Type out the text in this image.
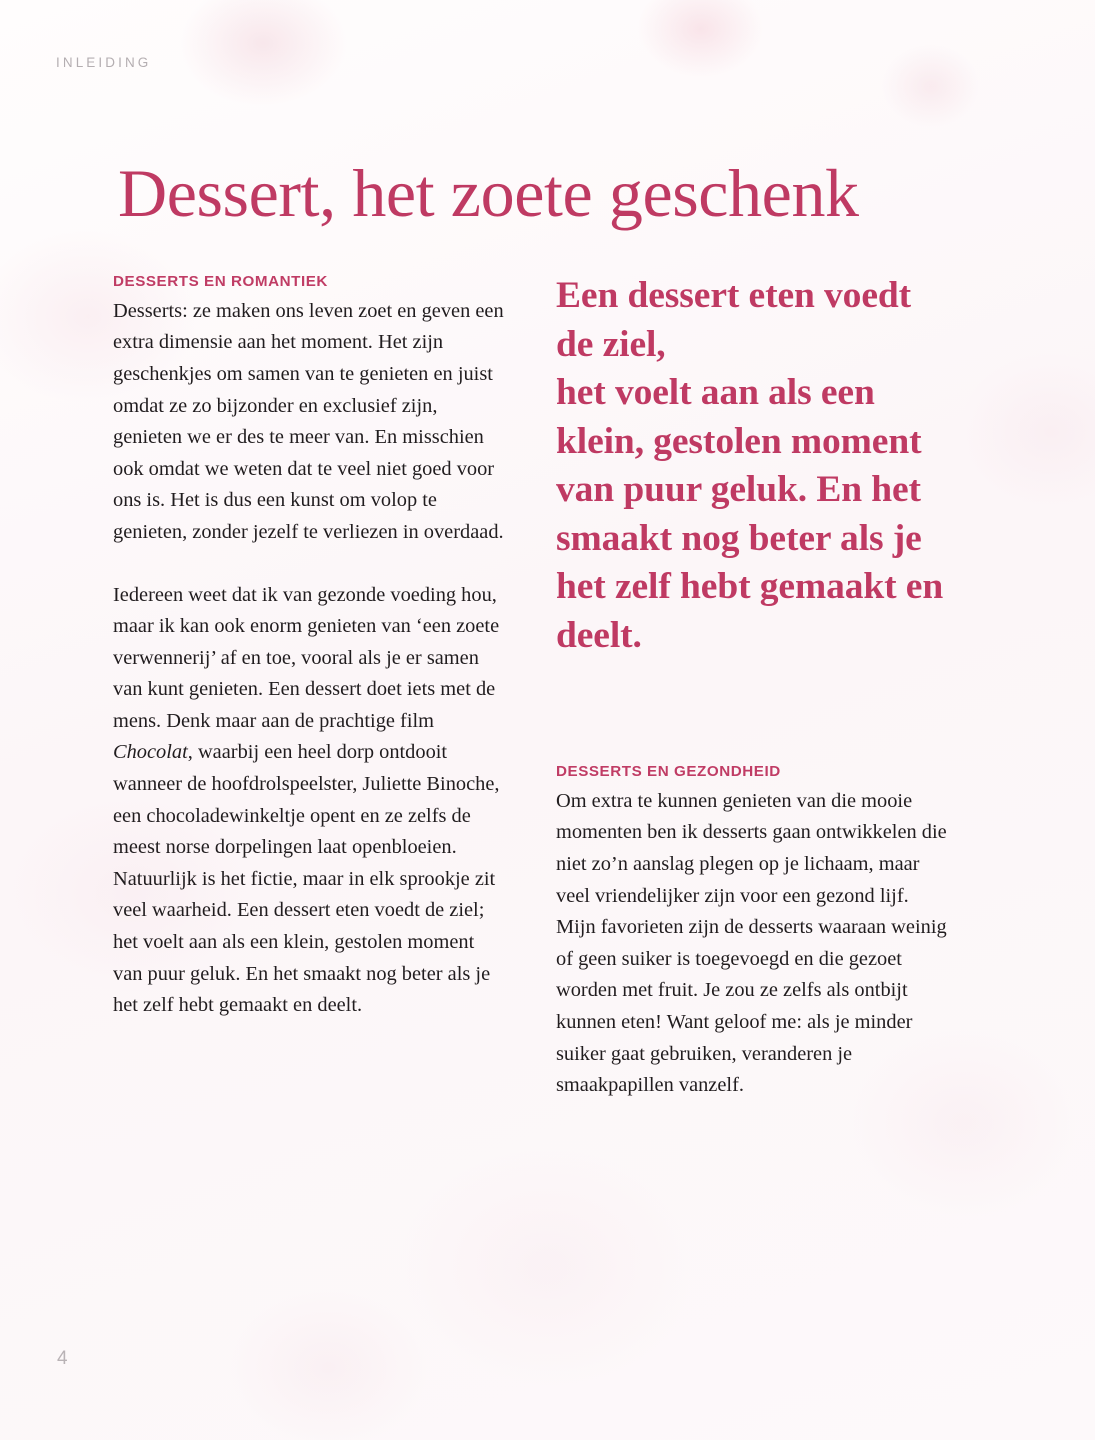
INLEIDING
Dessert, het zoete geschenk

DESSERTS EN ROMANTIEK

Desserts: ze maken ons leven zoet en geven een extra dimensie aan het moment. Het zijn geschenkjes om samen van te genieten en juist omdat ze zo bijzonder en exclusief zijn, genieten we er des te meer van. En misschien ook omdat we weten dat te veel niet goed voor ons is. Het is dus een kunst om volop te genieten, zonder jezelf te verliezen in overdaad.

Iedereen weet dat ik van gezonde voeding hou, maar ik kan ook enorm genieten van ‘een zoete verwennerij’ af en toe, vooral als je er samen van kunt genieten. Een dessert doet iets met de mens. Denk maar aan de prachtige film Chocolat, waarbij een heel dorp ontdooit wanneer de hoofdrolspeelster, Juliette Binoche, een chocoladewinkeltje opent en ze zelfs de meest norse dorpelingen laat openbloeien. Natuurlijk is het fictie, maar in elk sprookje zit veel waarheid. Een dessert eten voedt de ziel; het voelt aan als een klein, gestolen moment van puur geluk. En het smaakt nog beter als je het zelf hebt gemaakt en deelt.

Een dessert eten voedt de ziel,
het voelt aan als een klein, gestolen moment van puur geluk. En het smaakt nog beter als je het zelf hebt gemaakt en deelt.

DESSERTS EN GEZONDHEID

Om extra te kunnen genieten van die mooie momenten ben ik desserts gaan ontwikkelen die niet zo’n aanslag plegen op je lichaam, maar veel vriendelijker zijn voor een gezond lijf. Mijn favorieten zijn de desserts waaraan weinig of geen suiker is toegevoegd en die gezoet worden met fruit. Je zou ze zelfs als ontbijt kunnen eten! Want geloof me: als je minder suiker gaat gebruiken, veranderen je smaakpapillen vanzelf.

4
